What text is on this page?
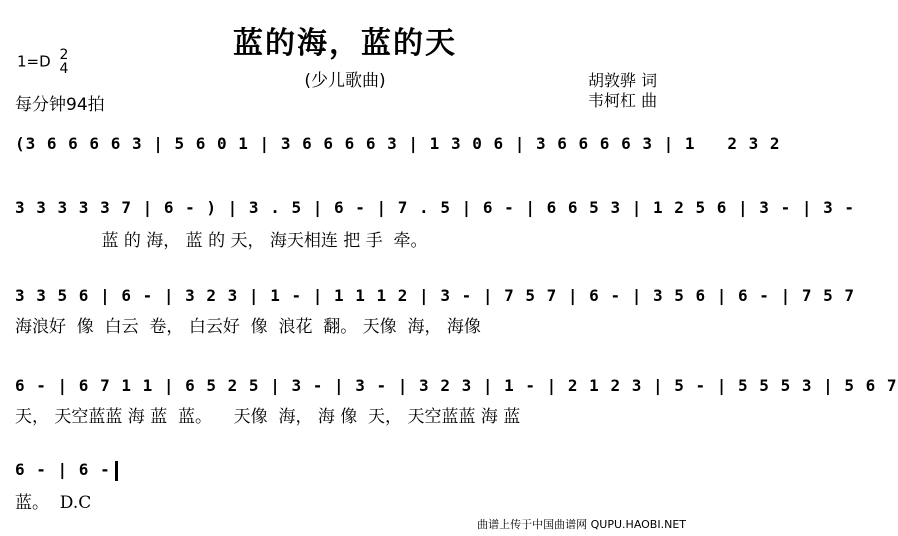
蓝的海，蓝的天
(少儿歌曲)
1=D 2
4
每分钟94拍
胡敦骅 词
韦柯杠 曲
(3 6 6 6 6 3 | 5 6 0 1 | 3 6 6 6 6 3 | 1 3 0 6 | 3 6 6 6 6 3 | 1   2 3 2
3 3 3 3 3 7 | 6 - ) | 3 . 5 | 6 - | 7 . 5 | 6 - | 6 6 5 3 | 1 2 5 6 | 3 - | 3 -
蓝 的 海， 蓝 的 天， 海天相连 把 手  牵。
3 3 5 6 | 6 - | 3 2 3 | 1 - | 1 1 1 2 | 3 - | 7 5 7 | 6 - | 3 5 6 | 6 - | 7 5 7
海浪好  像  白云  卷， 白云好  像  浪花  翻。 天像  海， 海像
6 - | 6 7 1 1 | 6 5 2 5 | 3 - | 3 - | 3 2 3 | 1 - | 2 1 2 3 | 5 - | 5 5 5 3 | 5 6 7
天， 天空蓝蓝 海 蓝  蓝。    天像  海， 海 像  天， 天空蓝蓝 海 蓝
6 - | 6 -
蓝。  D.C
曲谱上传于中国曲谱网 QUPU.HAOBI.NET
